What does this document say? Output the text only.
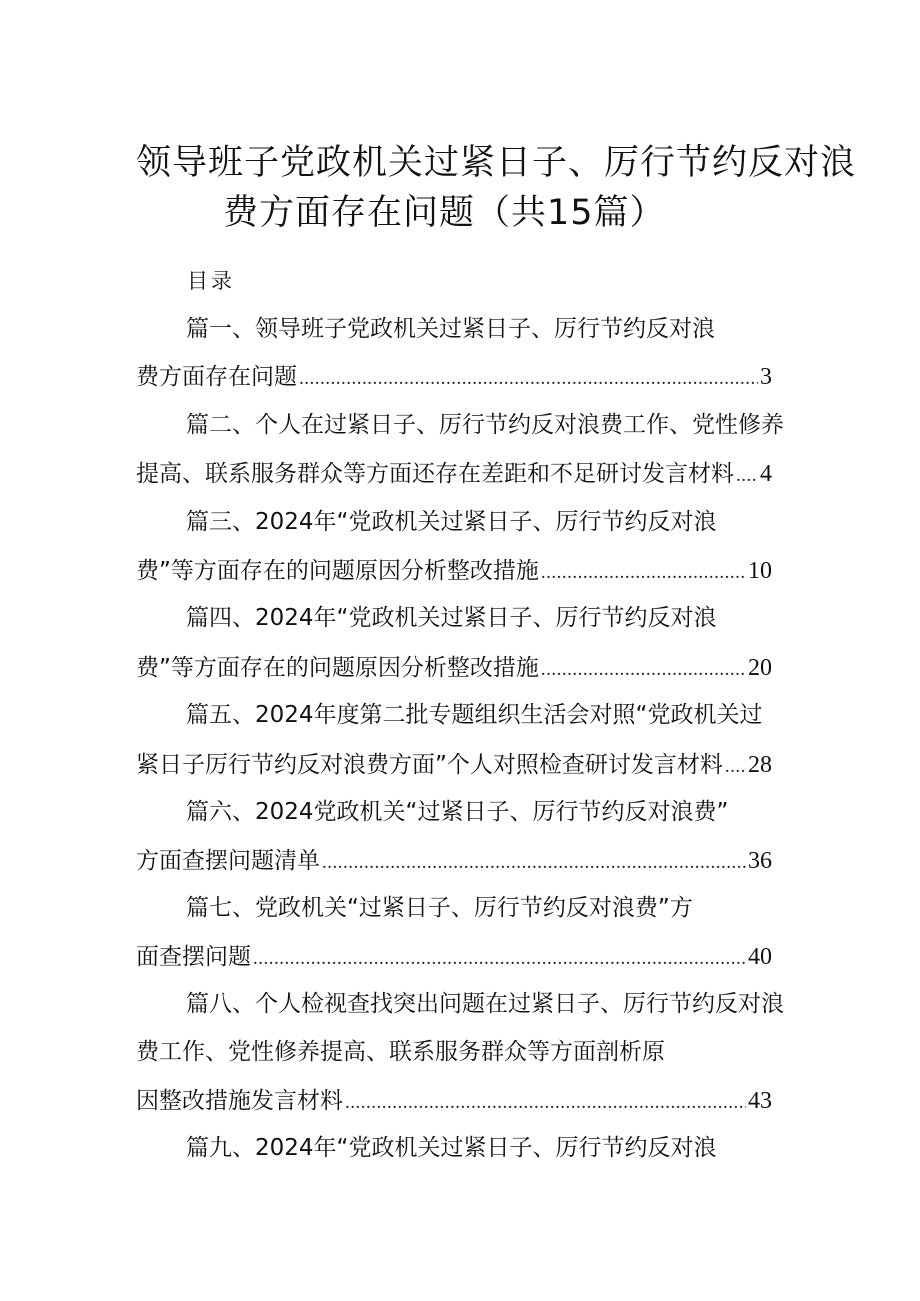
领导班子党政机关过紧日子、厉行节约反对浪
费方面存在问题（共15篇）
目录
篇一、领导班子党政机关过紧日子、厉行节约反对浪
费方面存在问题 .....	3
篇二、个人在过紧日子、厉行节约反对浪费工作、党性修养
提高、联系服务群众等方面还存在差距和不足研讨发言材料 ..... 4
篇三、2024年“党政机关过紧日子、厉行节约反对浪
费”等方面存在的问题原因分析整改措施 .....	10
篇四、2024年“党政机关过紧日子、厉行节约反对浪
费”等方面存在的问题原因分析整改措施 .....	20
篇五、2024年度第二批专题组织生活会对照“党政机关过
紧日子厉行节约反对浪费方面”个人对照检查研讨发言材料 ..... 28
篇六、2024党政机关“过紧日子、厉行节约反对浪费”
方面查摆问题清单 .....	36
篇七、党政机关“过紧日子、厉行节约反对浪费”方
面查摆问题 .....	40
篇八、个人检视查找突出问题在过紧日子、厉行节约反对浪
费工作、党性修养提高、联系服务群众等方面剖析原
因整改措施发言材料 .....	43
篇九、2024年“党政机关过紧日子、厉行节约反对浪
